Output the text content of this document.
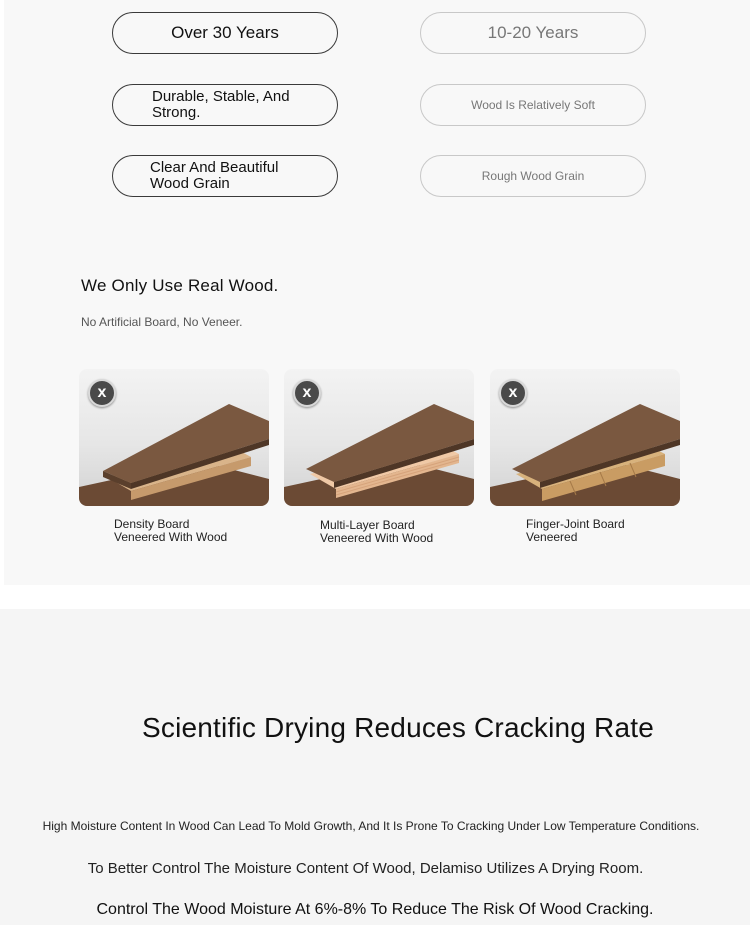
Over 30 Years
Durable, Stable, And Strong.
Clear And Beautiful Wood Grain
10-20 Years
Wood Is Relatively Soft
Rough Wood Grain
We Only Use Real Wood.
No Artificial Board, No Veneer.
x
Density Board Veneered With Wood
x
Multi-Layer Board Veneered With Wood
x
Finger-Joint Board Veneered
Scientific Drying Reduces Cracking Rate
High Moisture Content In Wood Can Lead To Mold Growth, And It Is Prone To Cracking Under Low Temperature Conditions.
To Better Control The Moisture Content Of Wood, Delamiso Utilizes A Drying Room.
Control The Wood Moisture At 6%-8% To Reduce The Risk Of Wood Cracking.
